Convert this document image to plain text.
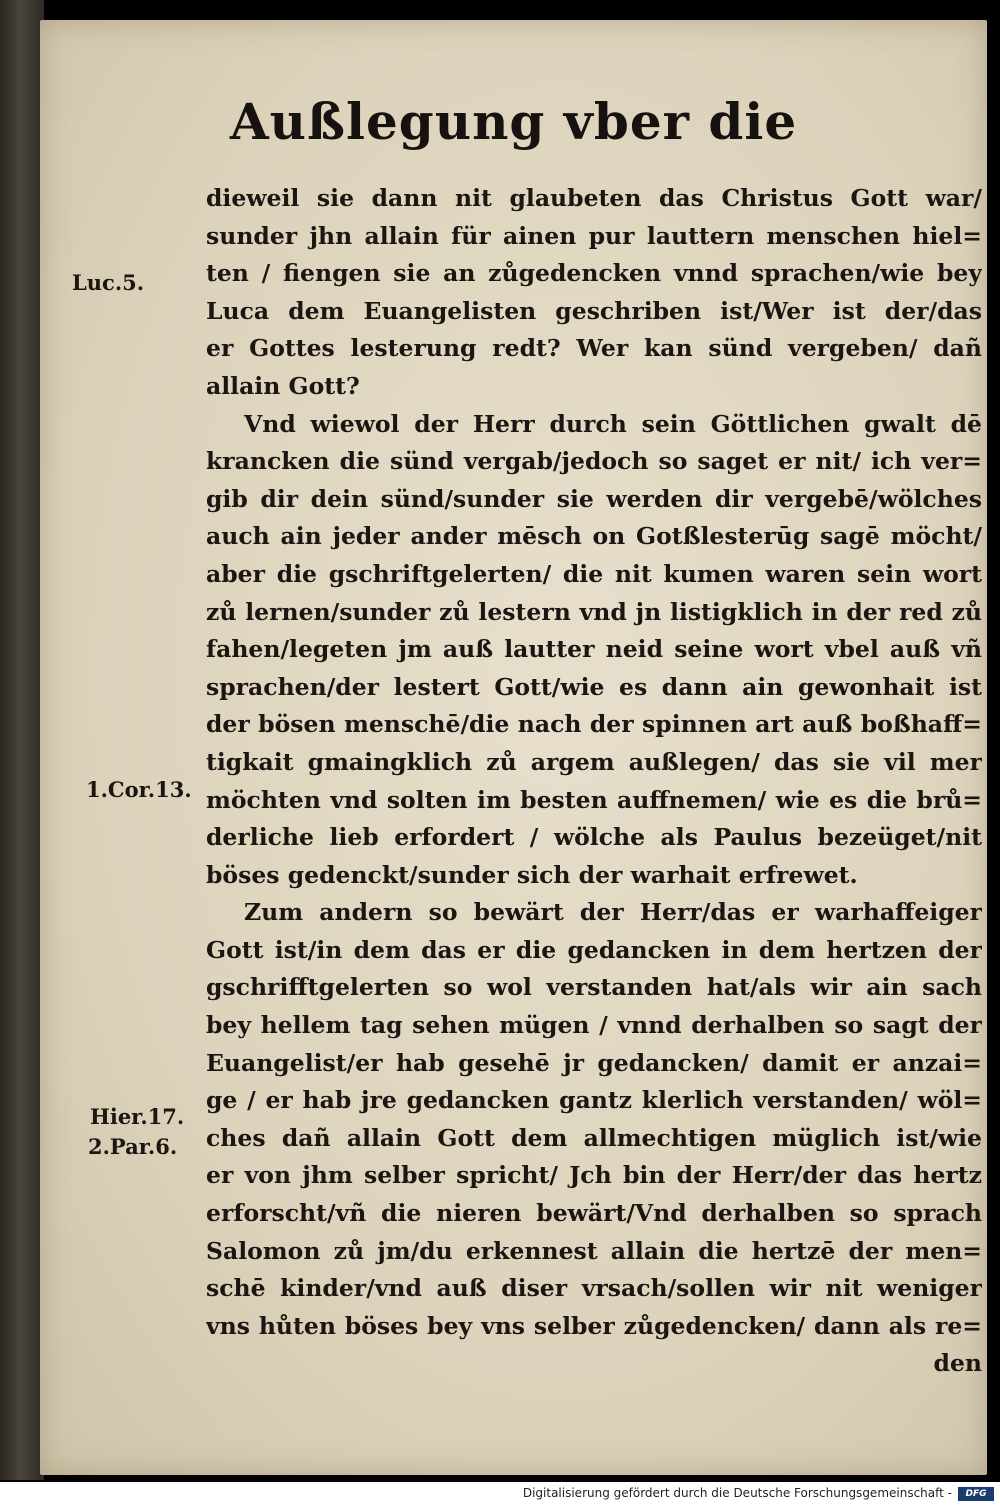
Außlegung vber die
Luc.5.
1.Cor.13.
Hier.17.
2.Par.6.
dieweil sie dann nit glaubeten das Christus Gott war/
sunder jhn allain für ainen pur lauttern menschen hiel=
ten / fiengen sie an zůgedencken vnnd sprachen/wie bey
Luca dem Euangelisten geschriben ist/Wer ist der/das
er Gottes lesterung redt? Wer kan sünd vergeben/ dañ
allain Gott?
Vnd wiewol der Herr durch sein Göttlichen gwalt dē
krancken die sünd vergab/jedoch so saget er nit/ ich ver=
gib dir dein sünd/sunder sie werden dir vergebē/wölches
auch ain jeder ander mēsch on Gotßlesterūg sagē möcht/
aber die gschriftgelerten/ die nit kumen waren sein wort
zů lernen/sunder zů lestern vnd jn listigklich in der red zů
fahen/legeten jm auß lautter neid seine wort vbel auß vñ
sprachen/der lestert Gott/wie es dann ain gewonhait ist
der bösen menschē/die nach der spinnen art auß boßhaff=
tigkait gmaingklich zů argem außlegen/ das sie vil mer
möchten vnd solten im besten auffnemen/ wie es die brů=
derliche lieb erfordert / wölche als Paulus bezeüget/nit
böses gedenckt/sunder sich der warhait erfrewet.
Zum andern so bewärt der Herr/das er warhaffeiger
Gott ist/in dem das er die gedancken in dem hertzen der
gschrifftgelerten so wol verstanden hat/als wir ain sach
bey hellem tag sehen mügen / vnnd derhalben so sagt der
Euangelist/er hab gesehē jr gedancken/ damit er anzai=
ge / er hab jre gedancken gantz klerlich verstanden/ wöl=
ches dañ allain Gott dem allmechtigen müglich ist/wie
er von jhm selber spricht/ Jch bin der Herr/der das hertz
erforscht/vñ die nieren bewärt/Vnd derhalben so sprach
Salomon zů jm/du erkennest allain die hertzē der men=
schē kinder/vnd auß diser vrsach/sollen wir nit weniger
vns hůten böses bey vns selber zůgedencken/ dann als re=
den
Digitalisierung gefördert durch die Deutsche Forschungsgemeinschaft -	DFG
